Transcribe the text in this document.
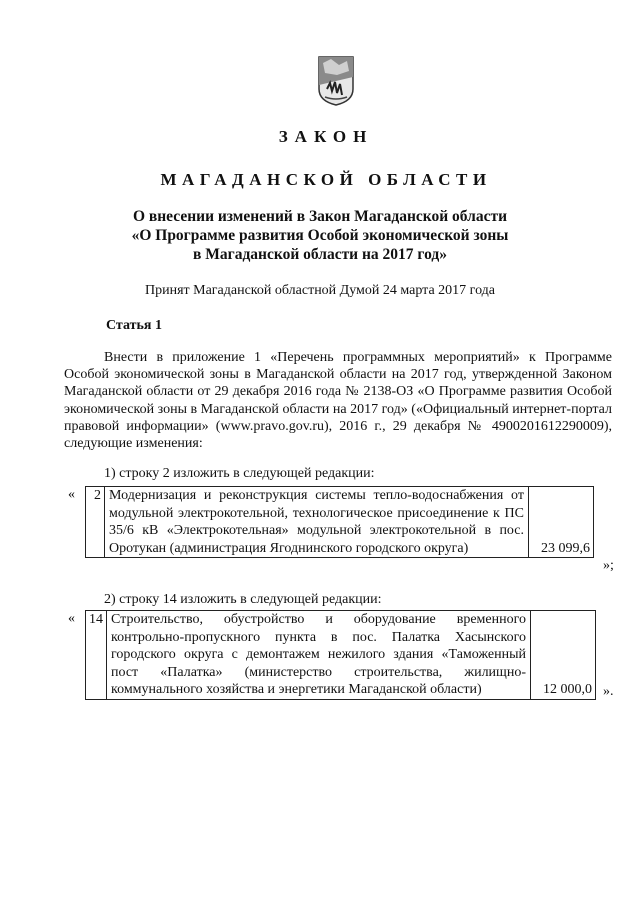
ЗАКОН
МАГАДАНСКОЙ ОБЛАСТИ
О внесении изменений в Закон Магаданской области
«О Программе развития Особой экономической зоны
в Магаданской области на 2017 год»
Принят Магаданской областной Думой 24 марта 2017 года
Статья 1
Внести в приложение 1 «Перечень программных мероприятий» к Программе Особой экономической зоны в Магаданской области на 2017 год, утвержденной Законом Магаданской области от 29 декабря 2016 года № 2138-ОЗ «О Программе развития Особой экономической зоны в Магаданской области на 2017 год» («Официальный интернет-портал правовой информации» (www.pravo.gov.ru), 2016 г., 29 декабря № 4900201612290009), следующие изменения:
1) строку 2 изложить в следующей редакции:
« 2	Модернизация и реконструкция системы тепло-водоснабжения от модульной электрокотельной, технологическое присоединение к ПС 35/6 кВ «Электрокотельная» модульной электрокотельной в пос. Оротукан (администрация Ягоднинского городского округа)	23 099,6
»;
2) строку 14 изложить в следующей редакции:
« 14	Строительство, обустройство и оборудование временного контрольно-пропускного пункта в пос. Палатка Хасынского городского округа с демонтажем нежилого здания «Таможенный пост «Палатка» (министерство строительства, жилищно-коммунального хозяйства и энергетики Магаданской области)	12 000,0 ».
